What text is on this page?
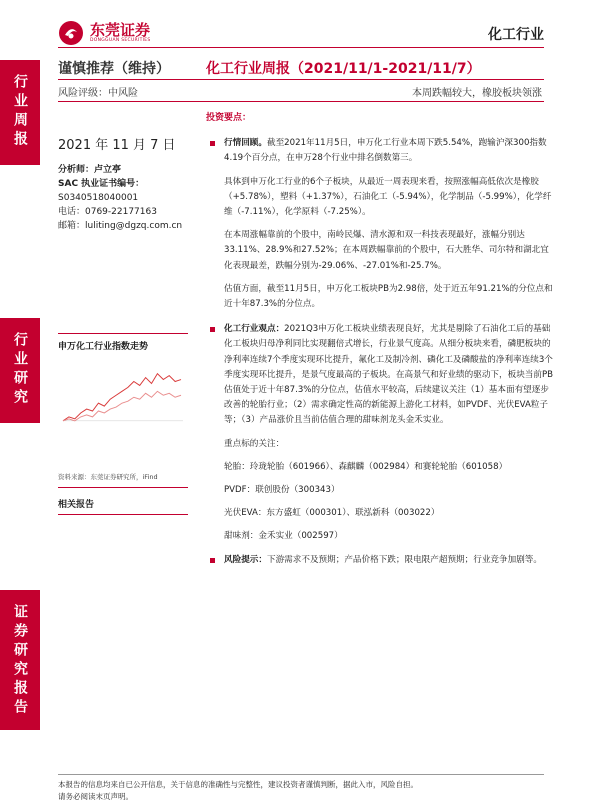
东莞证券
DONGGUAN SECURITIES	化工行业
谨慎推荐（维持）	化工行业周报（2021/11/1-2021/11/7）
风险评级：中风险	本周跌幅较大，橡胶板块领涨
行业周报
行业研究
证券研究报告
2021 年 11 月 7 日
分析师：卢立亭
SAC 执业证书编号：
S0340518040001
电话：0769-22177163
邮箱：luliting@dgzq.com.cn
申万化工行业指数走势
资料来源：东莞证券研究所，iFind
相关报告

投资要点：

行情回顾。截至2021年11月5日，申万化工行业本周下跌5.54%，跑输沪深300指数4.19个百分点，在申万28个行业中排名倒数第三。

具体到申万化工行业的6个子板块，从最近一周表现来看，按照涨幅高低依次是橡胶（+5.78%），塑料（+1.37%），石油化工（-5.94%），化学制品（-5.99%），化学纤维（-7.11%），化学原料（-7.25%）。

在本周涨幅靠前的个股中，南岭民爆、清水源和双一科技表现最好，涨幅分别达33.11%、28.9%和27.52%；在本周跌幅靠前的个股中，石大胜华、司尔特和湖北宜化表现最差，跌幅分别为-29.06%、-27.01%和-25.7%。

估值方面，截至11月5日，申万化工板块PB为2.98倍，处于近五年91.21%的分位点和近十年87.3%的分位点。

化工行业观点：2021Q3申万化工板块业绩表现良好，尤其是剔除了石油化工后的基础化工板块归母净利同比实现翻倍式增长，行业景气度高。从细分板块来看，磷肥板块的净利率连续7个季度实现环比提升，氟化工及制冷剂、磷化工及磷酸盐的净利率连续3个季度实现环比提升，是景气度最高的子板块。在高景气和好业绩的驱动下，板块当前PB估值处于近十年87.3%的分位点，估值水平较高，后续建议关注（1）基本面有望逐步改善的轮胎行业；（2）需求确定性高的新能源上游化工材料，如PVDF、光伏EVA粒子等；（3）产品涨价且当前估值合理的甜味剂龙头金禾实业。

重点标的关注：

轮胎：玲珑轮胎（601966）、森麒麟（002984）和赛轮轮胎（601058）

PVDF：联创股份（300343）

光伏EVA：东方盛虹（000301）、联泓新科（003022）

甜味剂：金禾实业（002597）

风险提示：下游需求不及预期；产品价格下跌；限电限产超预期；行业竞争加剧等。

本报告的信息均来自已公开信息，关于信息的准确性与完整性，建议投资者谨慎判断，据此入市，风险自担。
请务必阅读末页声明。
